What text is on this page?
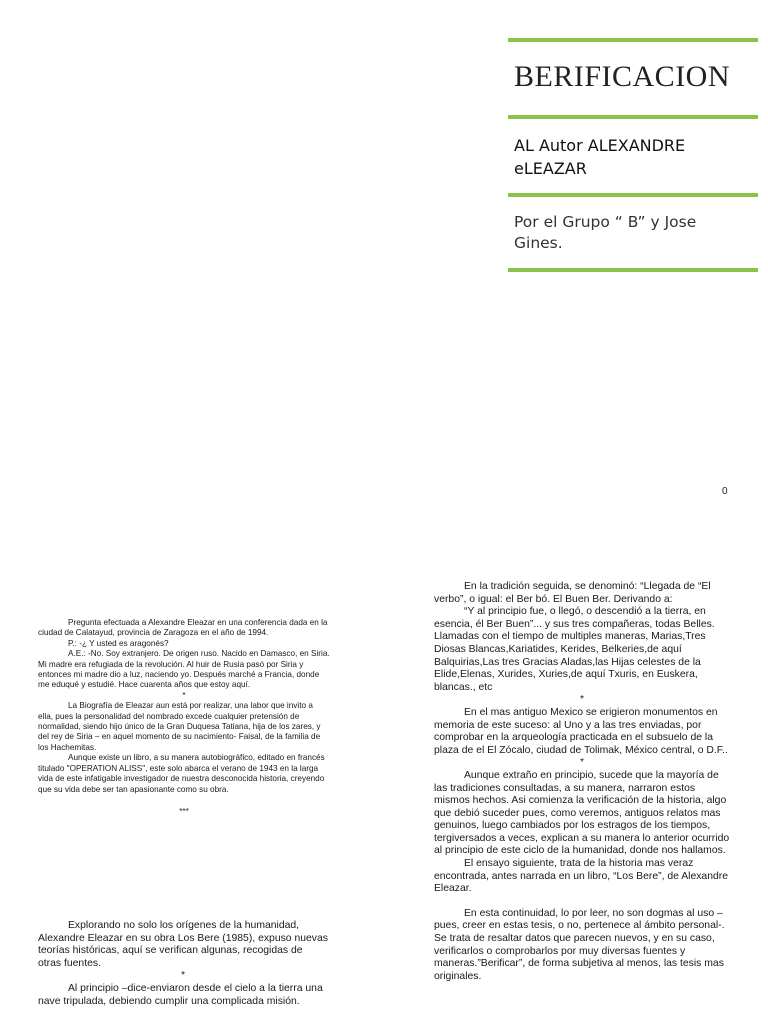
BERIFICACION
AL Autor ALEXANDRE
eLEAZAR
Por el Grupo “ B” y Jose
Gines.
0

Pregunta efectuada a Alexandre Eleazar en una conferencia dada en la ciudad de Calatayud, provincia de Zaragoza en el año de 1994.

P.: -¿ Y usted es aragonés?

A.E.: -No. Soy extranjero. De origen ruso. Nacido en Damasco, en Siria. Mi madre era refugiada de la revolución. Al huir de Rusia pasó por Siria y entonces mi madre dio a luz, naciendo yo. Después marché a Francia, donde me eduqué y estudié. Hace cuarenta años que estoy aquí.

*

La Biografía de Eleazar aun está por realizar, una labor que invito a ella, pues la personalidad del nombrado excede cualquier pretensión de normalidad, siendo hijo único de la Gran Duquesa Tatiana, hija de los zares, y del rey de Siria – en aquel momento de su nacimiento- Faisal, de la familia de los Hachemitas.

Aunque existe un libro, a su manera autobiográfico, editado en francés titulado "OPERATION ALISS", este solo abarca el verano de 1943 en la larga vida de este infatigable investigador de nuestra desconocida historia, creyendo que su vida debe ser tan apasionante como su obra.

***

Explorando no solo los orígenes de la humanidad, Alexandre Eleazar en su obra Los Bere (1985), expuso nuevas teorías históricas, aquí se verifican algunas, recogidas de otras fuentes.

*

Al principio –dice-enviaron desde el cielo a la tierra una nave tripulada, debiendo cumplir una complicada misión.

En la tradición seguida, se denominó: “Llegada de “El verbo”, o igual: el Ber bó. El Buen Ber. Derivando a:

“Y al principio fue, o llegó, o descendió a la tierra, en esencia, él Ber Buen”... y sus tres compañeras, todas Belles. Llamadas con el tiempo de multiples maneras, Marias,Tres Diosas Blancas,Kariatides, Kerides, Belkeries,de aquí Balquirias,Las tres Gracias Aladas,las Hijas celestes de la Elide,Elenas, Xurides, Xuries,de aquí Txuris, en Euskera, blancas., etc

*

En el mas antiguo Mexico se erigieron monumentos en memoria de este suceso: al Uno y a las tres enviadas, por comprobar en la arqueología practicada en el subsuelo de la plaza de el El Zócalo, ciudad de Tolimak, México central, o D.F..

*

Aunque extraño en principio, sucede que la mayoría de las tradiciones consultadas, a su manera, narraron estos mismos hechos. Asi comienza la verificación de la historia, algo que debió suceder pues, como veremos, antiguos relatos mas genuinos, luego cambiados por los estragos de los tiempos, tergiversados a veces, explican a su manera lo anterior ocurrido al principio de este ciclo de la humanidad, donde nos hallamos.

El ensayo siguiente, trata de la historia mas veraz encontrada, antes narrada en un libro, “Los Bere”, de Alexandre Eleazar.

En esta continuidad, lo por leer, no son dogmas al uso –pues, creer en estas tesis, o no, pertenece al ámbito personal-. Se trata de resaltar datos que parecen nuevos, y en su caso, verificarlos o comprobarlos por muy diversas fuentes y maneras.”Berificar”, de forma subjetiva al menos, las tesis mas originales.
